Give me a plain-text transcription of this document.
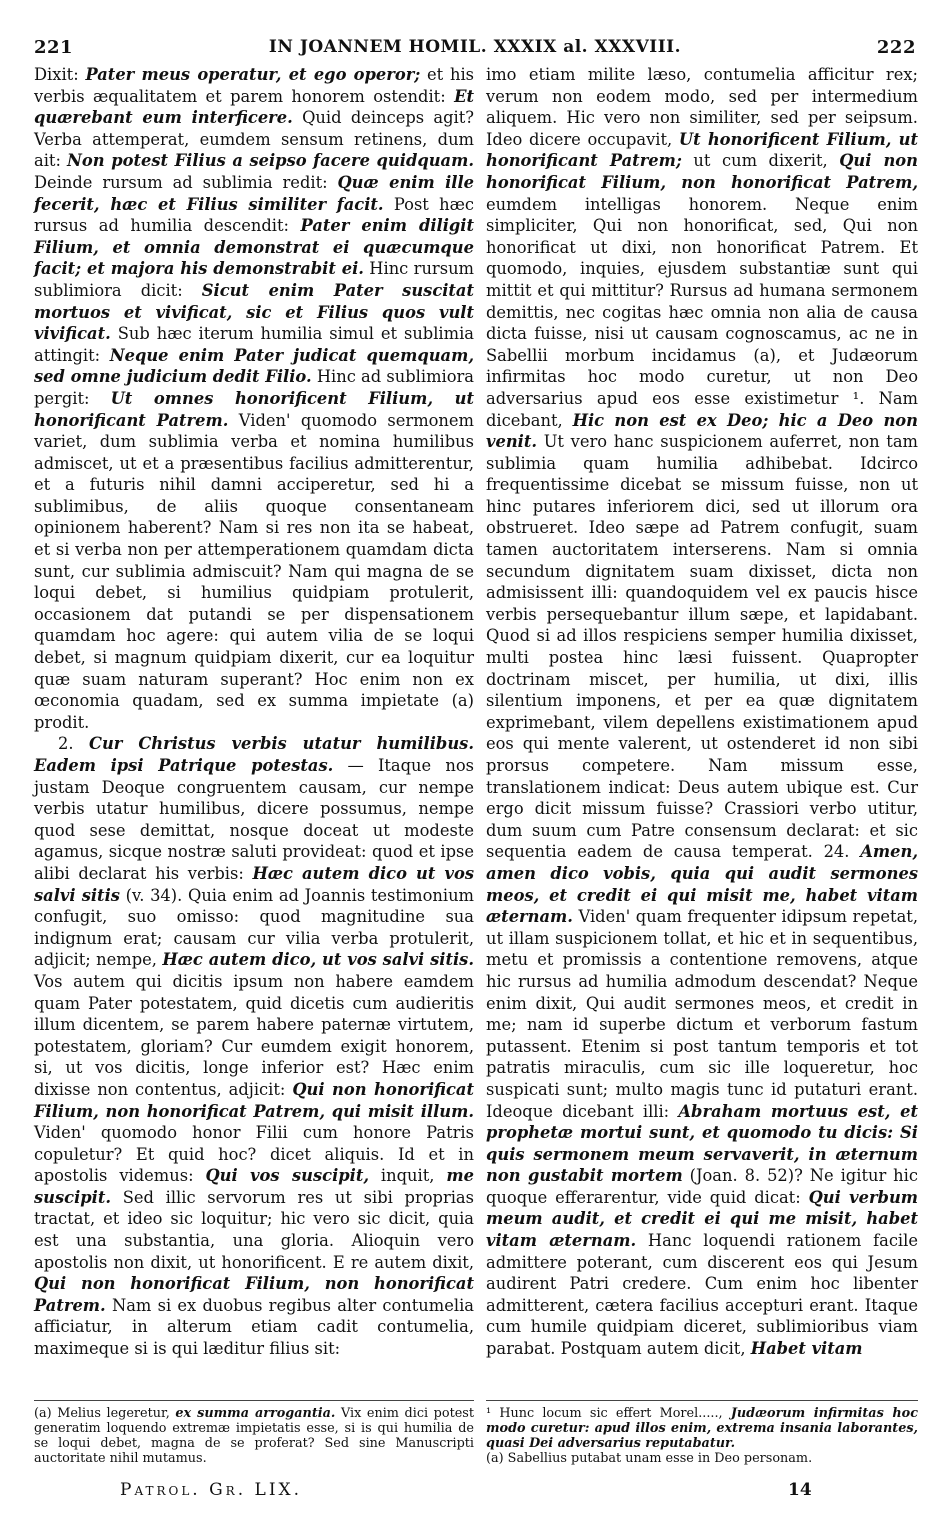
221	IN JOANNEM HOMIL. XXXIX al. XXXVIII.	222

Dixit: Pater meus operatur, et ego operor; et his verbis æqualitatem et parem honorem ostendit: Et quærebant eum interficere. Quid deinceps agit? Verba attemperat, eumdem sensum retinens, dum ait: Non potest Filius a seipso facere quidquam. Deinde rursum ad sublimia redit: Quæ enim ille fecerit, hæc et Filius similiter facit. Post hæc rursus ad humilia descendit: Pater enim diligit Filium, et omnia demonstrat ei quæcumque facit; et majora his demonstrabit ei. Hinc rursum sublimiora dicit: Sicut enim Pater suscitat mortuos et vivificat, sic et Filius quos vult vivificat. Sub hæc iterum humilia simul et sublimia attingit: Neque enim Pater judicat quemquam, sed omne judicium dedit Filio. Hinc ad sublimiora pergit: Ut omnes honorificent Filium, ut honorificant Patrem. Viden' quomodo sermonem variet, dum sublimia verba et nomina humilibus admiscet, ut et a præsentibus facilius admitterentur, et a futuris nihil damni acciperetur, sed hi a sublimibus, de aliis quoque consentaneam opinionem haberent? Nam si res non ita se habeat, et si verba non per attemperationem quamdam dicta sunt, cur sublimia admiscuit? Nam qui magna de se loqui debet, si humilius quidpiam protulerit, occasionem dat putandi se per dispensationem quamdam hoc agere: qui autem vilia de se loqui debet, si magnum quidpiam dixerit, cur ea loquitur quæ suam naturam superant? Hoc enim non ex œconomia quadam, sed ex summa impietate (a) prodit.

2. Cur Christus verbis utatur humilibus. Eadem ipsi Patrique potestas. — Itaque nos justam Deoque congruentem causam, cur nempe verbis utatur humilibus, dicere possumus, nempe quod sese demittat, nosque doceat ut modeste agamus, sicque nostræ saluti provideat: quod et ipse alibi declarat his verbis: Hæc autem dico ut vos salvi sitis (v. 34). Quia enim ad Joannis testimonium confugit, suo omisso: quod magnitudine sua indignum erat; causam cur vilia verba protulerit, adjicit; nempe, Hæc autem dico, ut vos salvi sitis. Vos autem qui dicitis ipsum non habere eamdem quam Pater potestatem, quid dicetis cum audieritis illum dicentem, se parem habere paternæ virtutem, potestatem, gloriam? Cur eumdem exigit honorem, si, ut vos dicitis, longe inferior est? Hæc enim dixisse non contentus, adjicit: Qui non honorificat Filium, non honorificat Patrem, qui misit illum. Viden' quomodo honor Filii cum honore Patris copuletur? Et quid hoc? dicet aliquis. Id et in apostolis videmus: Qui vos suscipit, inquit, me suscipit. Sed illic servorum res ut sibi proprias tractat, et ideo sic loquitur; hic vero sic dicit, quia est una substantia, una gloria. Alioquin vero apostolis non dixit, ut honorificent. E re autem dixit, Qui non honorificat Filium, non honorificat Patrem. Nam si ex duobus regibus alter contumelia afficiatur, in alterum etiam cadit contumelia, maximeque si is qui læditur filius sit:

imo etiam milite læso, contumelia afficitur rex; verum non eodem modo, sed per intermedium aliquem. Hic vero non similiter, sed per seipsum. Ideo dicere occupavit, Ut honorificent Filium, ut honorificant Patrem; ut cum dixerit, Qui non honorificat Filium, non honorificat Patrem, eumdem intelligas honorem. Neque enim simpliciter, Qui non honorificat, sed, Qui non honorificat ut dixi, non honorificat Patrem. Et quomodo, inquies, ejusdem substantiæ sunt qui mittit et qui mittitur? Rursus ad humana sermonem demittis, nec cogitas hæc omnia non alia de causa dicta fuisse, nisi ut causam cognoscamus, ac ne in Sabellii morbum incidamus (a), et Judæorum infirmitas hoc modo curetur, ut non Deo adversarius apud eos esse existimetur ¹. Nam dicebant, Hic non est ex Deo; hic a Deo non venit. Ut vero hanc suspicionem auferret, non tam sublimia quam humilia adhibebat. Idcirco frequentissime dicebat se missum fuisse, non ut hinc putares inferiorem dici, sed ut illorum ora obstrueret. Ideo sæpe ad Patrem confugit, suam tamen auctoritatem interserens. Nam si omnia secundum dignitatem suam dixisset, dicta non admisissent illi: quandoquidem vel ex paucis hisce verbis persequebantur illum sæpe, et lapidabant. Quod si ad illos respiciens semper humilia dixisset, multi postea hinc læsi fuissent. Quapropter doctrinam miscet, per humilia, ut dixi, illis silentium imponens, et per ea quæ dignitatem exprimebant, vilem depellens existimationem apud eos qui mente valerent, ut ostenderet id non sibi prorsus competere. Nam missum esse, translationem indicat: Deus autem ubique est. Cur ergo dicit missum fuisse? Crassiori verbo utitur, dum suum cum Patre consensum declarat: et sic sequentia eadem de causa temperat. 24. Amen, amen dico vobis, quia qui audit sermones meos, et credit ei qui misit me, habet vitam æternam. Viden' quam frequenter idipsum repetat, ut illam suspicionem tollat, et hic et in sequentibus, metu et promissis a contentione removens, atque hic rursus ad humilia admodum descendat? Neque enim dixit, Qui audit sermones meos, et credit in me; nam id superbe dictum et verborum fastum putassent. Etenim si post tantum temporis et tot patratis miraculis, cum sic ille loqueretur, hoc suspicati sunt; multo magis tunc id putaturi erant. Ideoque dicebant illi: Abraham mortuus est, et prophetæ mortui sunt, et quomodo tu dicis: Si quis sermonem meum servaverit, in æternum non gustabit mortem (Joan. 8. 52)? Ne igitur hic quoque efferarentur, vide quid dicat: Qui verbum meum audit, et credit ei qui me misit, habet vitam æternam. Hanc loquendi rationem facile admittere poterant, cum discerent eos qui Jesum audirent Patri credere. Cum enim hoc libenter admitterent, cætera facilius accepturi erant. Itaque cum humile quidpiam diceret, sublimioribus viam parabat. Postquam autem dicit, Habet vitam

(a) Melius legeretur, ex summa arrogantia. Vix enim dici potest generatim loquendo extremæ impietatis esse, si is qui humilia de se loqui debet, magna de se proferat? Sed sine Manuscripti auctoritate nihil mutamus.

¹ Hunc locum sic effert Morel....., Judæorum infirmitas hoc modo curetur: apud illos enim, extrema insania laborantes, quasi Dei adversarius reputabatur.

(a) Sabellius putabat unam esse in Deo personam.

Patrol. Gr. LIX.	14
